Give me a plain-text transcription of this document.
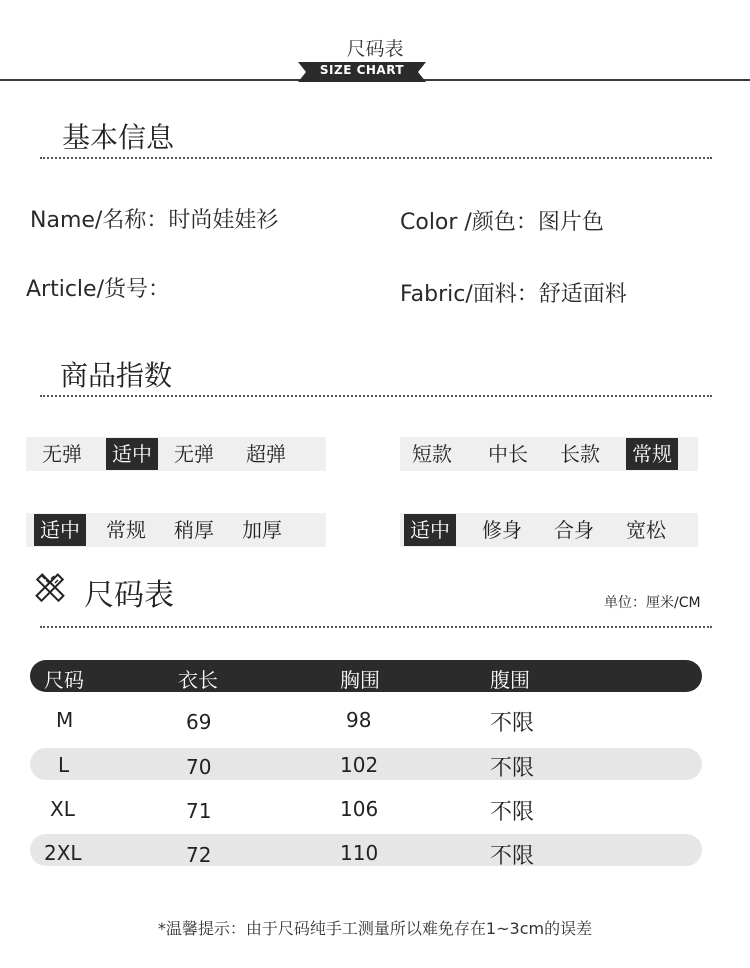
尺码表
SIZE CHART
基本信息
Name/名称：时尚娃娃衫	Color /颜色：图片色
Article/货号：	Fabric/面料：舒适面料
商品指数
无弹	适中	无弹	超弹	短款	中长	长款	常规
适中	常规	稍厚	加厚	适中	修身	合身	宽松
尺码表	单位：厘米/CM
尺码	衣长	胸围	腹围
M	69	98	不限
L	70	102	不限
XL	71	106	不限
2XL	72	110	不限
*温馨提示：由于尺码纯手工测量所以难免存在1~3cm的误差
